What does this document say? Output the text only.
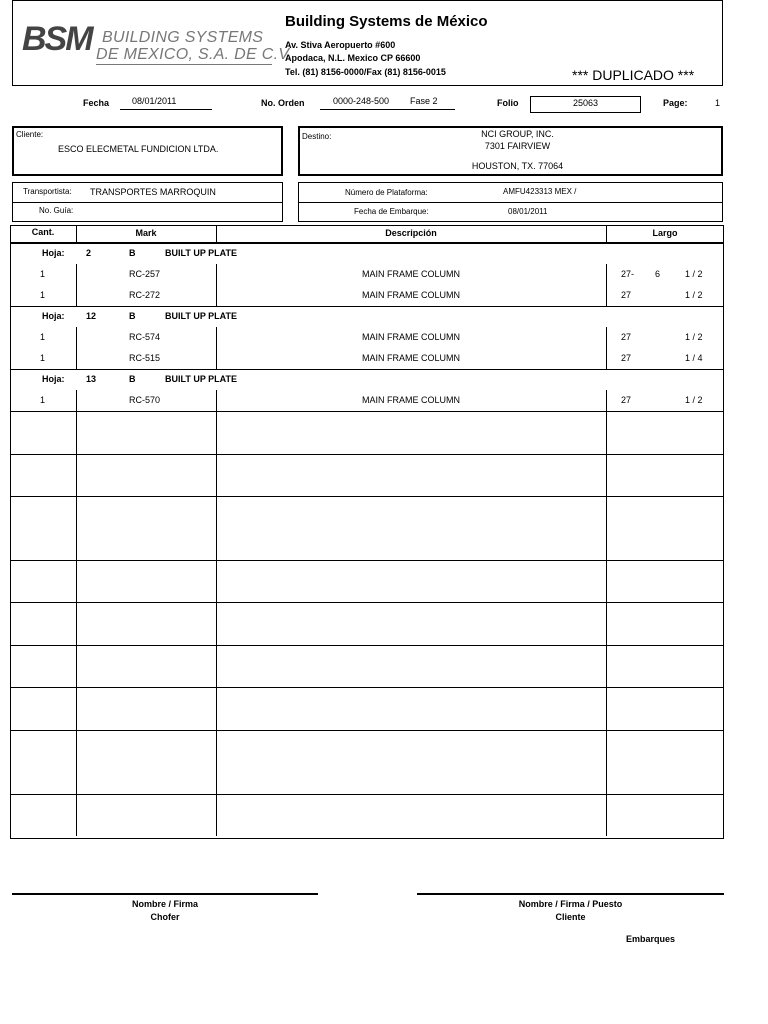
BSM BUILDING SYSTEMS
DE MEXICO, S.A. DE C.V.
Building Systems de México
Av. Stiva Aeropuerto #600
Apodaca, N.L. Mexico CP 66600
Tel. (81) 8156-0000/Fax (81) 8156-0015	*** DUPLICADO ***
Fecha	08/01/2011	No. Orden	0000-248-500 Fase 2	Folio	25063	Page:	1
Cliente:
ESCO ELECMETAL FUNDICION LTDA.
Destino:	NCI GROUP, INC.
7301 FAIRVIEW
HOUSTON, TX. 77064
Transportista: TRANSPORTES MARROQUIN
No. Guía:
Número de Plataforma:	AMFU423313 MEX /
Fecha de Embarque:	08/01/2011
Cant.	Mark	Descripción	Largo
Hoja: 2	B	BUILT UP PLATE
1	RC-257	MAIN FRAME COLUMN	27- 6	1 / 2
1	RC-272	MAIN FRAME COLUMN	27	1 / 2
Hoja: 12	B	BUILT UP PLATE
1	RC-574	MAIN FRAME COLUMN	27	1 / 2
1	RC-515	MAIN FRAME COLUMN	27	1 / 4
Hoja: 13	B	BUILT UP PLATE
1	RC-570	MAIN FRAME COLUMN	27	1 / 2
Nombre / Firma
Chofer
Nombre / Firma / Puesto
Cliente
Embarques
